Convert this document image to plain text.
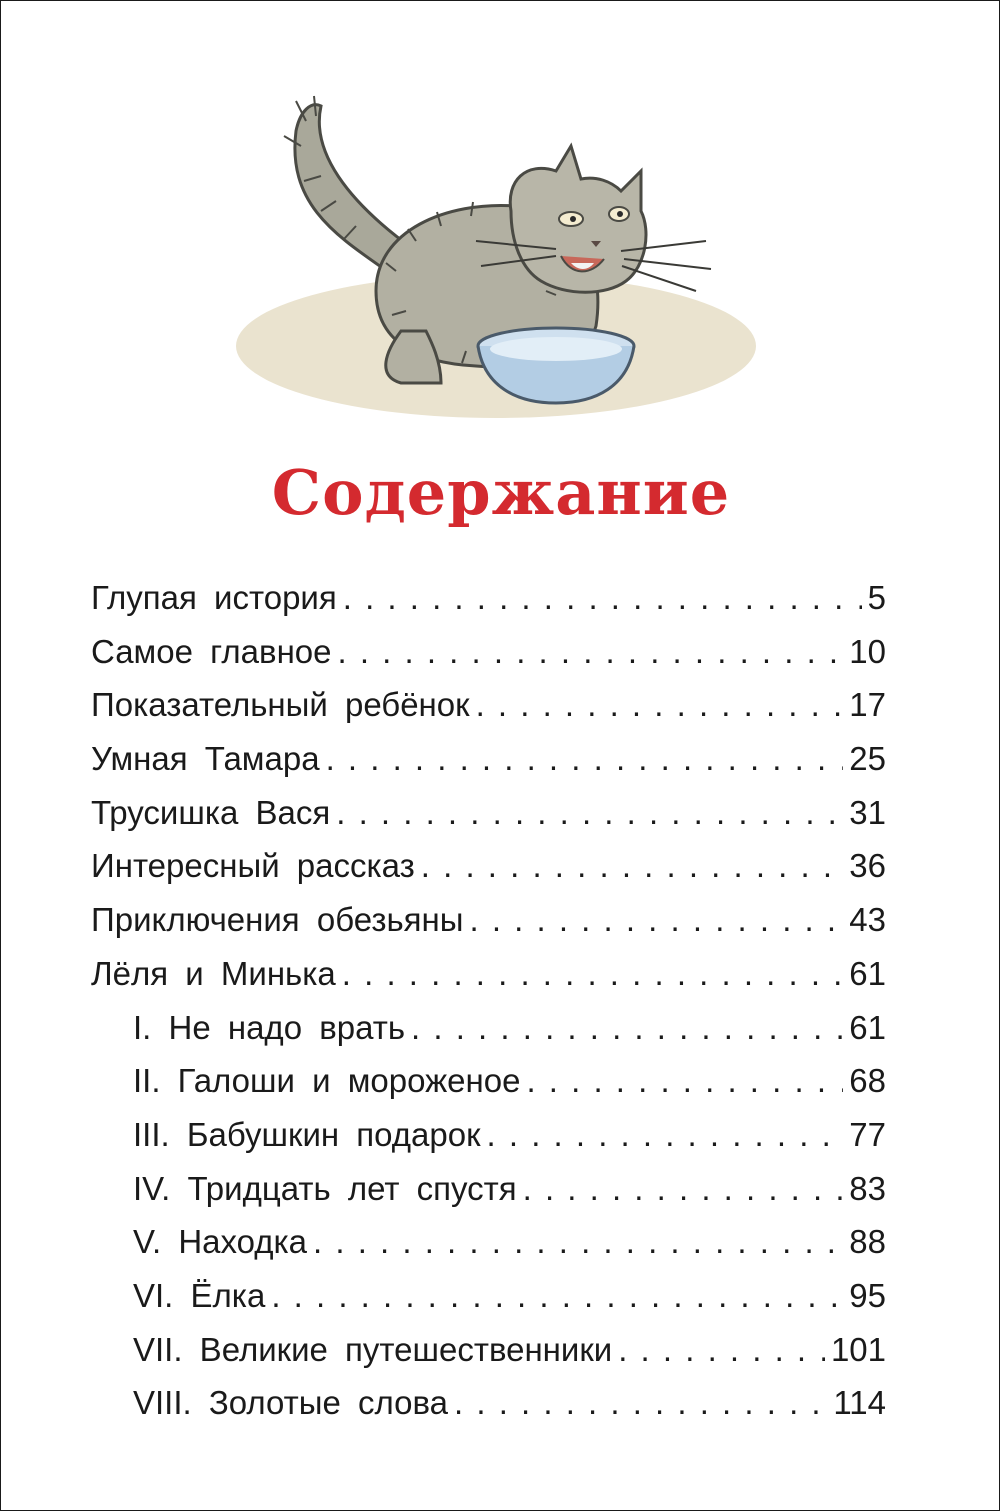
Содержание
Глупая история . . .	5
Самое главное . . .	10
Показательный ребёнок . . .	17
Умная Тамара . . .	25
Трусишка Вася . . .	31
Интересный рассказ . . .	36
Приключения обезьяны . . .	43
Лёля и Минька . . .	61
I. Не надо врать . . .	61
II. Галоши и мороженое . . .	68
III. Бабушкин подарок . . .	77
IV. Тридцать лет спустя . . .	83
V. Находка . . .	88
VI. Ёлка . . .	95
VII. Великие путешественники . . .	101
VIII. Золотые слова . . .	114
